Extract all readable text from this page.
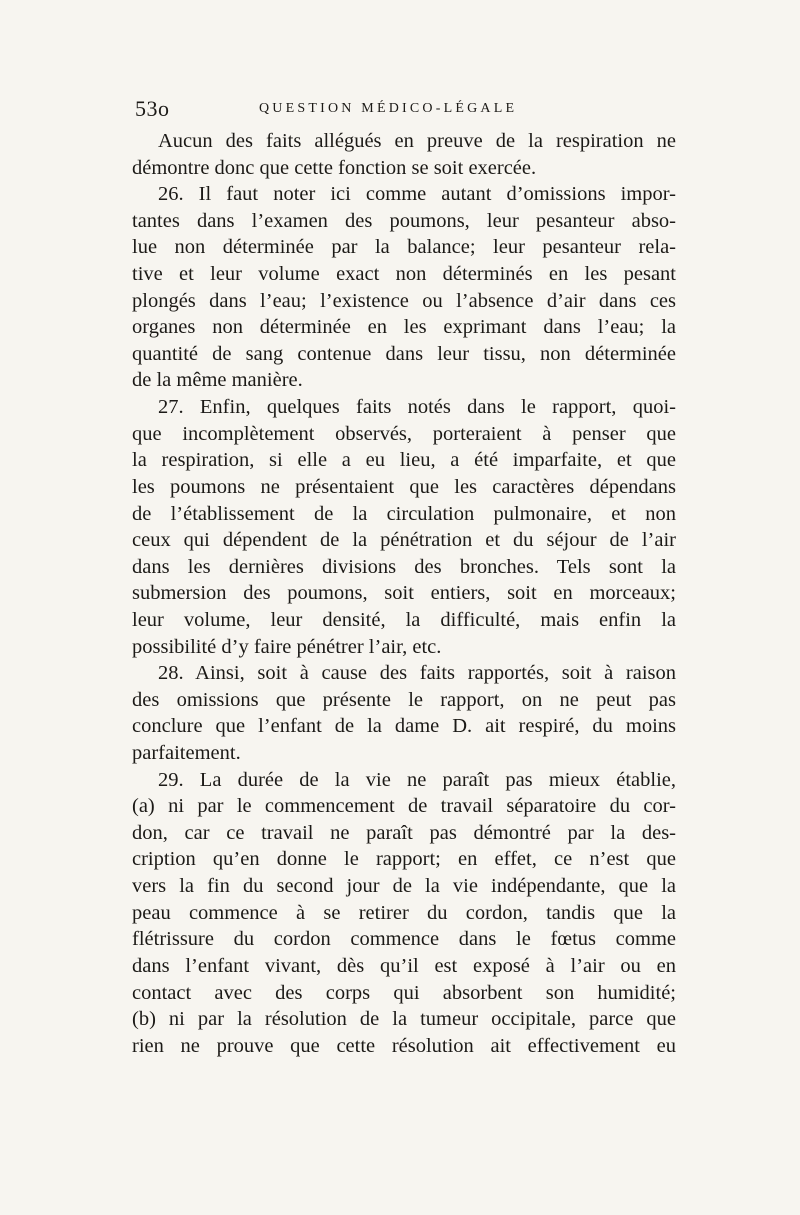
53o	QUESTION MÉDICO-LÉGALE
Aucun des faits allégués en preuve de la respiration ne
démontre donc que cette fonction se soit exercée.
26. Il faut noter ici comme autant d’omissions impor-
tantes dans l’examen des poumons, leur pesanteur abso-
lue non déterminée par la balance; leur pesanteur rela-
tive et leur volume exact non déterminés en les pesant
plongés dans l’eau; l’existence ou l’absence d’air dans ces
organes non déterminée en les exprimant dans l’eau; la
quantité de sang contenue dans leur tissu, non déterminée
de la même manière.
27. Enfin, quelques faits notés dans le rapport, quoi-
que incomplètement observés, porteraient à penser que
la respiration, si elle a eu lieu, a été imparfaite, et que
les poumons ne présentaient que les caractères dépendans
de l’établissement de la circulation pulmonaire, et non
ceux qui dépendent de la pénétration et du séjour de l’air
dans les dernières divisions des bronches. Tels sont la
submersion des poumons, soit entiers, soit en morceaux;
leur volume, leur densité, la difficulté, mais enfin la
possibilité d’y faire pénétrer l’air, etc.
28. Ainsi, soit à cause des faits rapportés, soit à raison
des omissions que présente le rapport, on ne peut pas
conclure que l’enfant de la dame D. ait respiré, du moins
parfaitement.
29. La durée de la vie ne paraît pas mieux établie,
(a) ni par le commencement de travail séparatoire du cor-
don, car ce travail ne paraît pas démontré par la des-
cription qu’en donne le rapport; en effet, ce n’est que
vers la fin du second jour de la vie indépendante, que la
peau commence à se retirer du cordon, tandis que la
flétrissure du cordon commence dans le fœtus comme
dans l’enfant vivant, dès qu’il est exposé à l’air ou en
contact avec des corps qui absorbent son humidité;
(b) ni par la résolution de la tumeur occipitale, parce que
rien ne prouve que cette résolution ait effectivement eu
